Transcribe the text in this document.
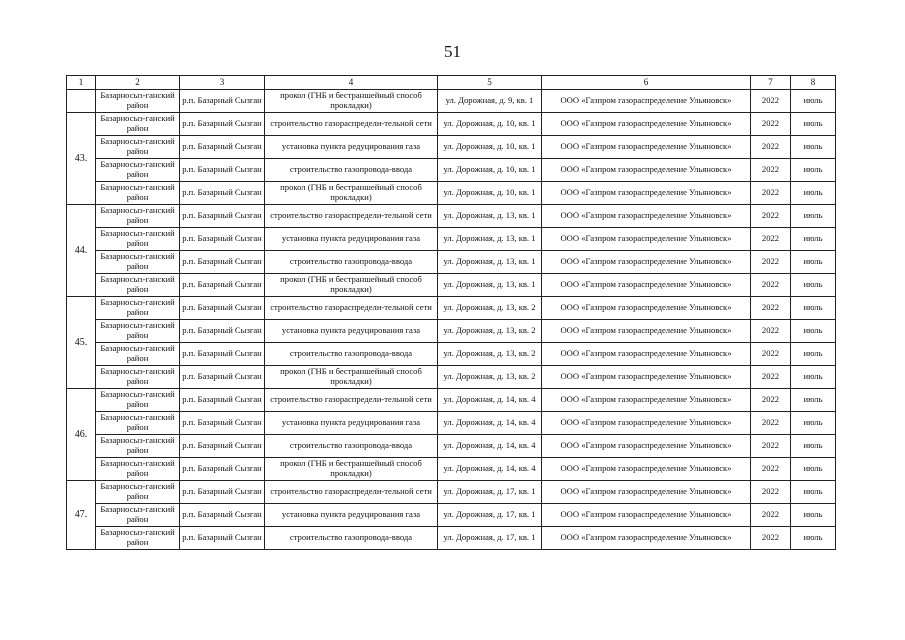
51
1	2	3	4	5	6	7	8
	Базарносыз-ганский район	р.п. Базарный Сызган	прокол (ГНБ и бестраншейный способ прокладки)	ул. Дорожная, д. 9, кв. 1	ООО «Газпром газораспределение Ульяновск»	2022	июль
43.	Базарносыз-ганский район	р.п. Базарный Сызган	строительство газораспредели-тельной сети	ул. Дорожная, д. 10, кв. 1	ООО «Газпром газораспределение Ульяновск»	2022	июль
	Базарносыз-ганский район	р.п. Базарный Сызган	установка пункта редуцирования газа	ул. Дорожная, д. 10, кв. 1	ООО «Газпром газораспределение Ульяновск»	2022	июль
	Базарносыз-ганский район	р.п. Базарный Сызган	строительство газопровода-ввода	ул. Дорожная, д. 10, кв. 1	ООО «Газпром газораспределение Ульяновск»	2022	июль
	Базарносыз-ганский район	р.п. Базарный Сызган	прокол (ГНБ и бестраншейный способ прокладки)	ул. Дорожная, д. 10, кв. 1	ООО «Газпром газораспределение Ульяновск»	2022	июль
44.	Базарносыз-ганский район	р.п. Базарный Сызган	строительство газораспредели-тельной сети	ул. Дорожная, д. 13, кв. 1	ООО «Газпром газораспределение Ульяновск»	2022	июль
	Базарносыз-ганский район	р.п. Базарный Сызган	установка пункта редуцирования газа	ул. Дорожная, д. 13, кв. 1	ООО «Газпром газораспределение Ульяновск»	2022	июль
	Базарносыз-ганский район	р.п. Базарный Сызган	строительство газопровода-ввода	ул. Дорожная, д. 13, кв. 1	ООО «Газпром газораспределение Ульяновск»	2022	июль
	Базарносыз-ганский район	р.п. Базарный Сызган	прокол (ГНБ и бестраншейный способ прокладки)	ул. Дорожная, д. 13, кв. 1	ООО «Газпром газораспределение Ульяновск»	2022	июль
45.	Базарносыз-ганский район	р.п. Базарный Сызган	строительство газораспредели-тельной сети	ул. Дорожная, д. 13, кв. 2	ООО «Газпром газораспределение Ульяновск»	2022	июль
	Базарносыз-ганский район	р.п. Базарный Сызган	установка пункта редуцирования газа	ул. Дорожная, д. 13, кв. 2	ООО «Газпром газораспределение Ульяновск»	2022	июль
	Базарносыз-ганский район	р.п. Базарный Сызган	строительство газопровода-ввода	ул. Дорожная, д. 13, кв. 2	ООО «Газпром газораспределение Ульяновск»	2022	июль
	Базарносыз-ганский район	р.п. Базарный Сызган	прокол (ГНБ и бестраншейный способ прокладки)	ул. Дорожная, д. 13, кв. 2	ООО «Газпром газораспределение Ульяновск»	2022	июль
46.	Базарносыз-ганский район	р.п. Базарный Сызган	строительство газораспредели-тельной сети	ул. Дорожная, д. 14, кв. 4	ООО «Газпром газораспределение Ульяновск»	2022	июль
	Базарносыз-ганский район	р.п. Базарный Сызган	установка пункта редуцирования газа	ул. Дорожная, д. 14, кв. 4	ООО «Газпром газораспределение Ульяновск»	2022	июль
	Базарносыз-ганский район	р.п. Базарный Сызган	строительство газопровода-ввода	ул. Дорожная, д. 14, кв. 4	ООО «Газпром газораспределение Ульяновск»	2022	июль
	Базарносыз-ганский район	р.п. Базарный Сызган	прокол (ГНБ и бестраншейный способ прокладки)	ул. Дорожная, д. 14, кв. 4	ООО «Газпром газораспределение Ульяновск»	2022	июль
47.	Базарносыз-ганский район	р.п. Базарный Сызган	строительство газораспредели-тельной сети	ул. Дорожная, д. 17, кв. 1	ООО «Газпром газораспределение Ульяновск»	2022	июль
	Базарносыз-ганский район	р.п. Базарный Сызган	установка пункта редуцирования газа	ул. Дорожная, д. 17, кв. 1	ООО «Газпром газораспределение Ульяновск»	2022	июль
	Базарносыз-ганский район	р.п. Базарный Сызган	строительство газопровода-ввода	ул. Дорожная, д. 17, кв. 1	ООО «Газпром газораспределение Ульяновск»	2022	июль
